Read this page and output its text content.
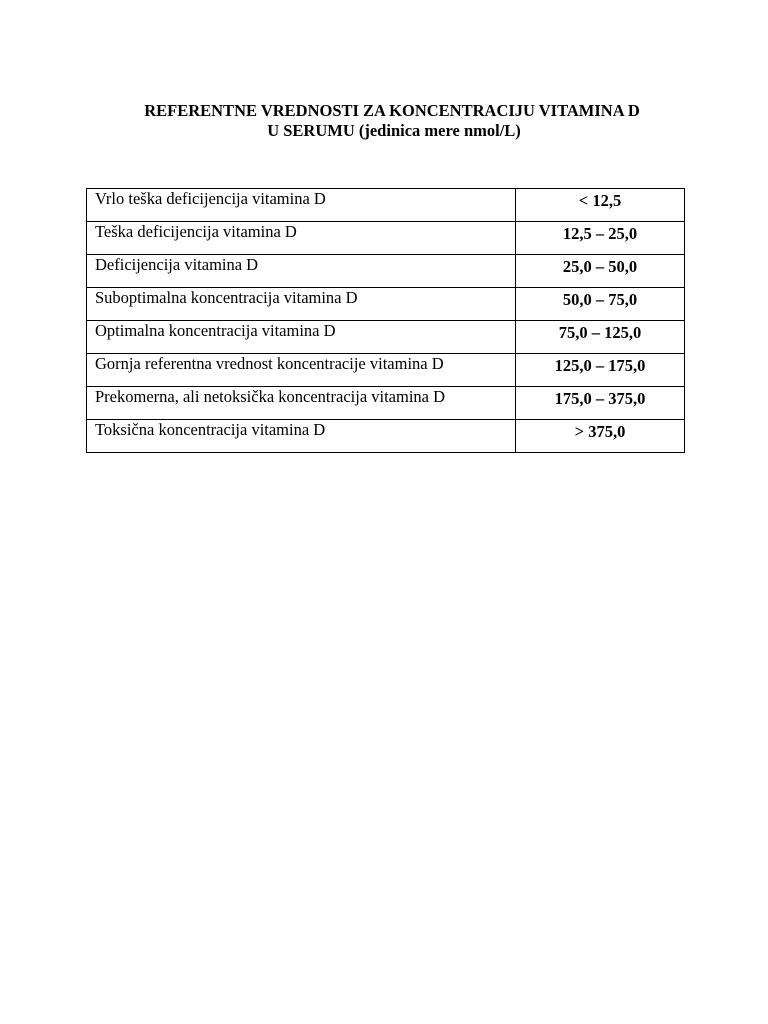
REFERENTNE VREDNOSTI ZA KONCENTRACIJU VITAMINA D
U SERUMU (jedinica mere nmol/L)
Vrlo teška deficijencija vitamina D	< 12,5
Teška deficijencija vitamina D	12,5 – 25,0
Deficijencija vitamina D	25,0 – 50,0
Suboptimalna koncentracija vitamina D	50,0 – 75,0
Optimalna koncentracija vitamina D	75,0 – 125,0
Gornja referentna vrednost koncentracije vitamina D	125,0 – 175,0
Prekomerna, ali netoksička koncentracija vitamina D	175,0 – 375,0
Toksična koncentracija vitamina D	> 375,0
